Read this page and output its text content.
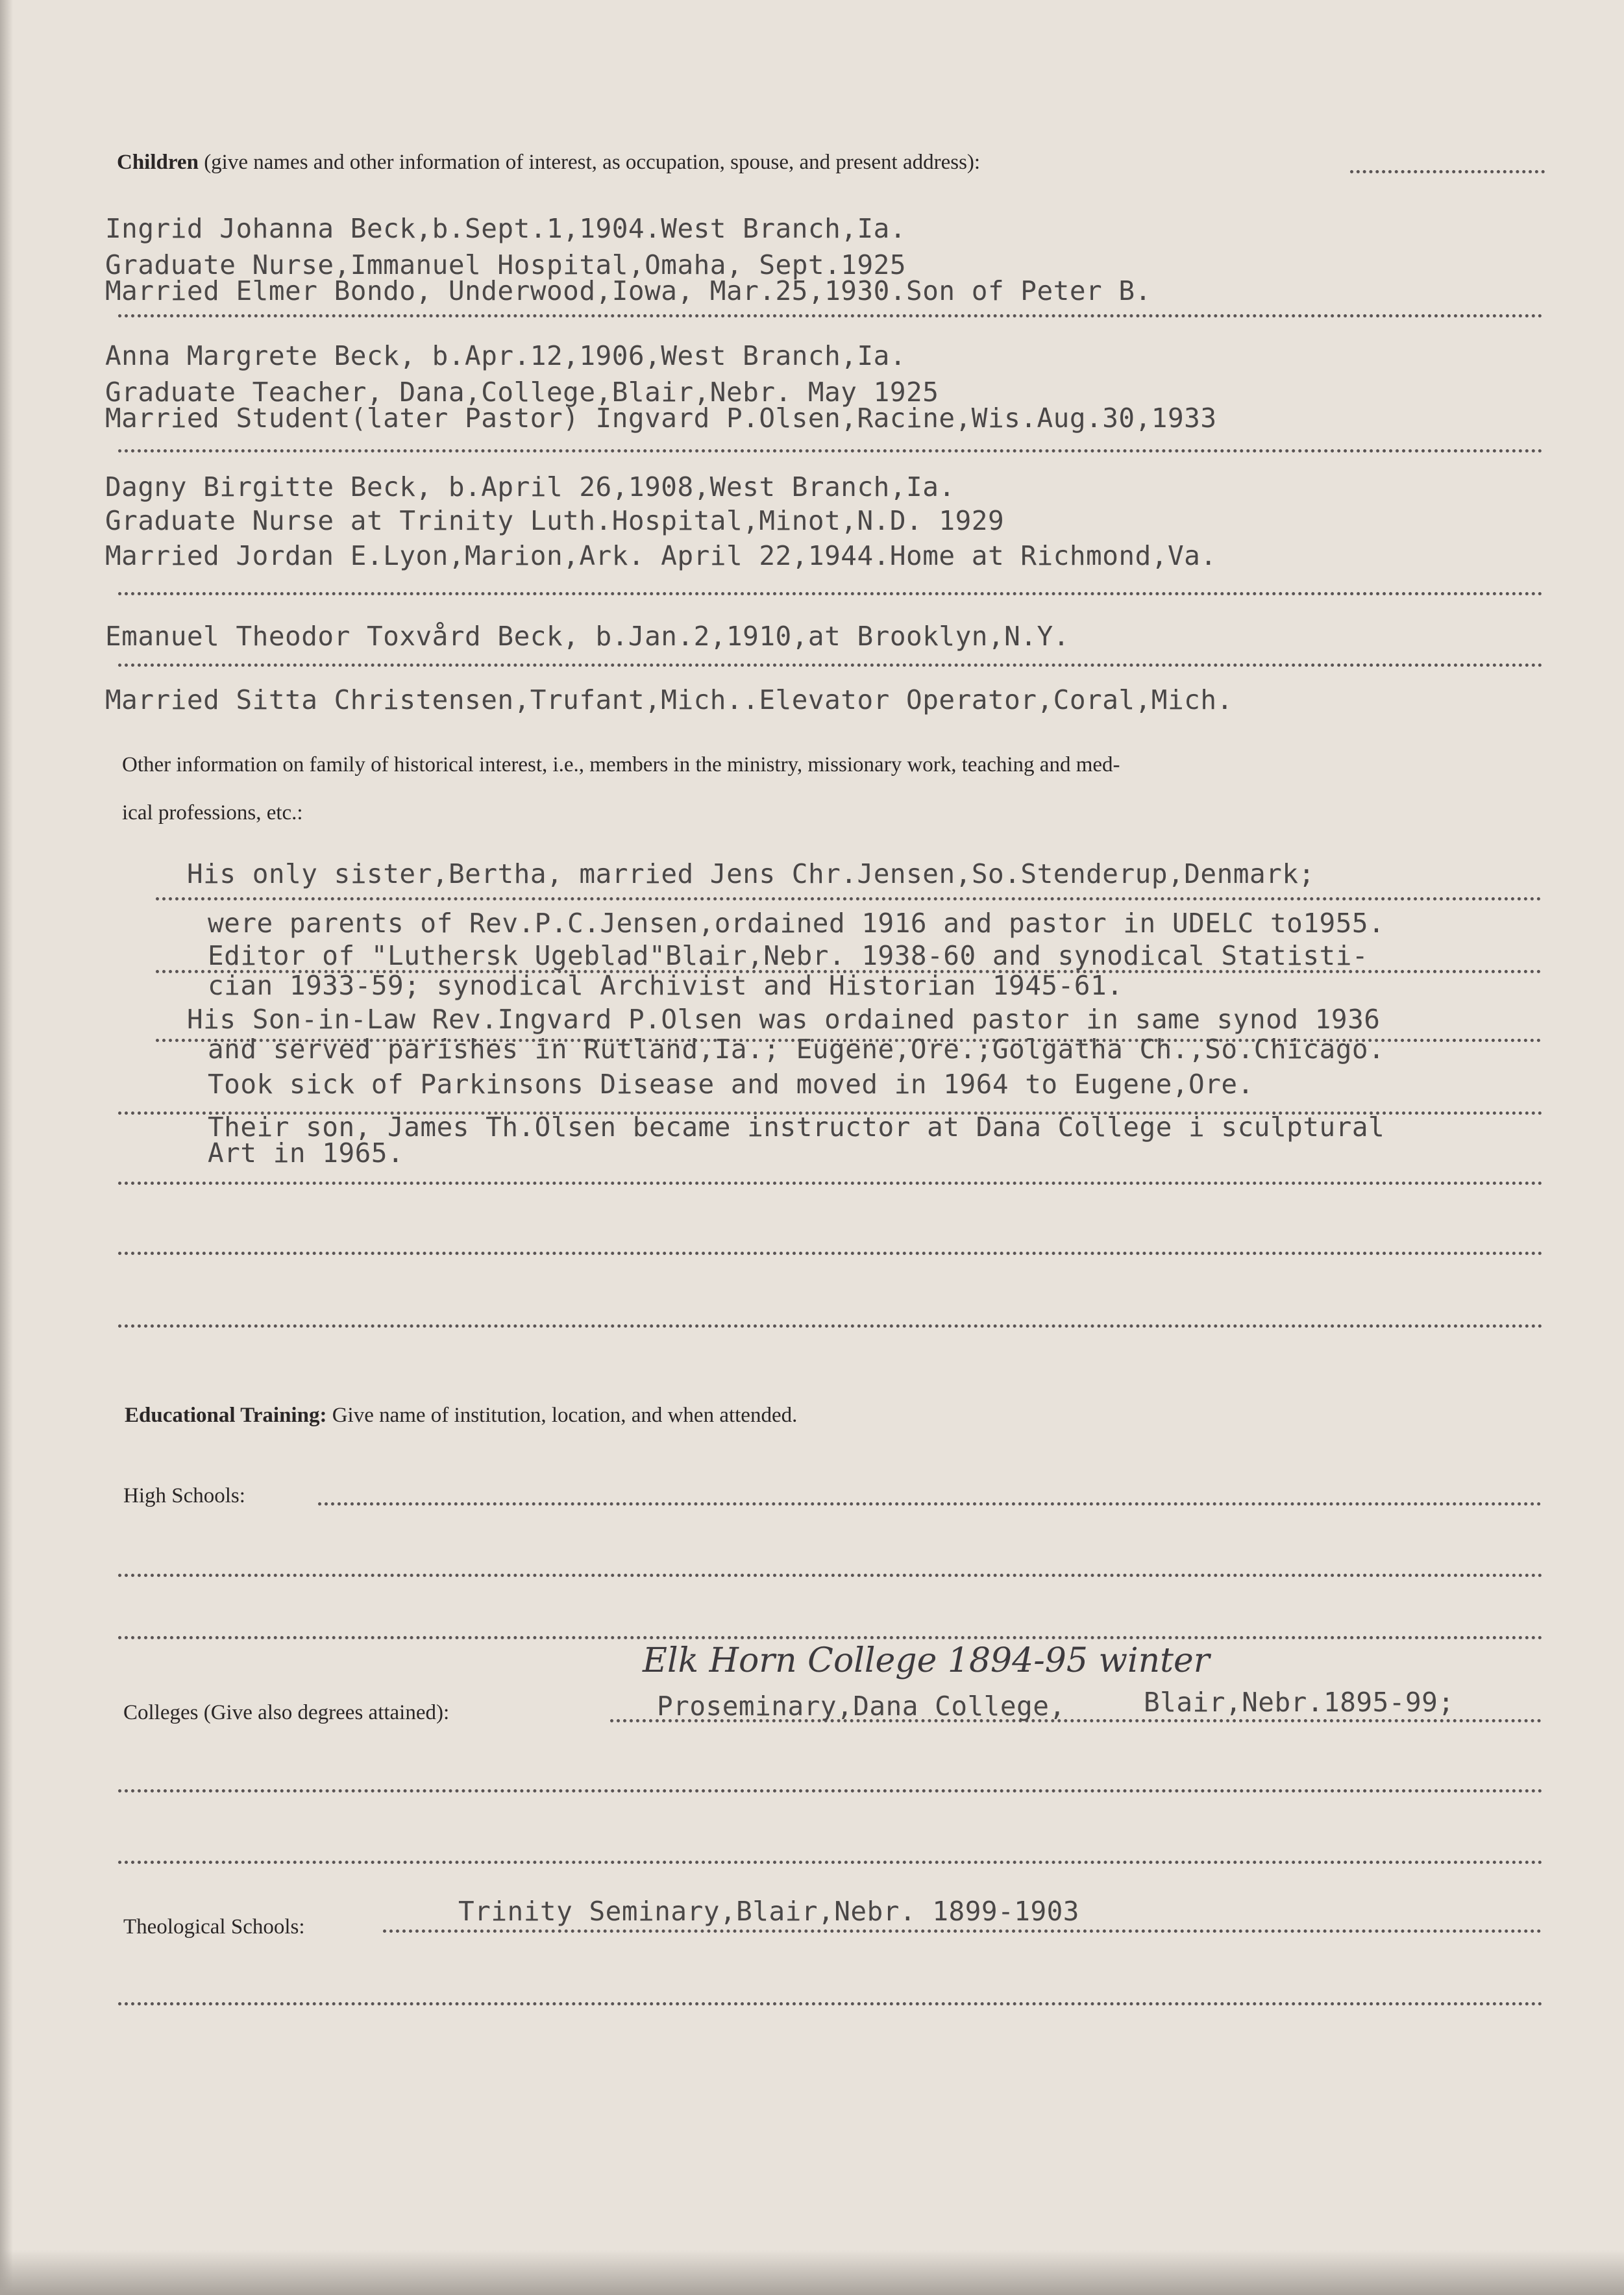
Children (give names and other information of interest, as occupation, spouse, and present address):
Ingrid Johanna Beck,b.Sept.1,1904.West Branch,Ia.
Graduate Nurse,Immanuel Hospital,Omaha, Sept.1925
Married Elmer Bondo, Underwood,Iowa, Mar.25,1930.Son of Peter B.
Anna Margrete Beck, b.Apr.12,1906,West Branch,Ia.
Graduate Teacher, Dana,College,Blair,Nebr. May 1925
Married Student(later Pastor) Ingvard P.Olsen,Racine,Wis.Aug.30,1933
Dagny Birgitte Beck, b.April 26,1908,West Branch,Ia.
Graduate Nurse at Trinity Luth.Hospital,Minot,N.D. 1929
Married Jordan E.Lyon,Marion,Ark. April 22,1944.Home at Richmond,Va.
Emanuel Theodor Toxvård Beck, b.Jan.2,1910,at Brooklyn,N.Y.
Married Sitta Christensen,Trufant,Mich..Elevator Operator,Coral,Mich.
Other information on family of historical interest, i.e., members in the ministry, missionary work, teaching and med-
ical professions, etc.:
His only sister,Bertha, married Jens Chr.Jensen,So.Stenderup,Denmark;
were parents of Rev.P.C.Jensen,ordained 1916 and pastor in UDELC to1955.
Editor of "Luthersk Ugeblad"Blair,Nebr. 1938-60 and synodical Statisti-
cian 1933-59; synodical Archivist and Historian 1945-61.
His Son-in-Law Rev.Ingvard P.Olsen was ordained pastor in same synod 1936
and served parishes in Rutland,Ia.; Eugene,Ore.;Golgatha Ch.,So.Chicago.
Took sick of Parkinsons Disease and moved in 1964 to Eugene,Ore.
Their son, James Th.Olsen became instructor at Dana College i sculptural
Art in 1965.
Educational Training: Give name of institution, location, and when attended.
High Schools:
Elk Horn College 1894-95 winter
Colleges (Give also degrees attained):	Proseminary,Dana College,	Blair,Nebr.1895-99;
Theological Schools:	Trinity Seminary,Blair,Nebr. 1899-1903
